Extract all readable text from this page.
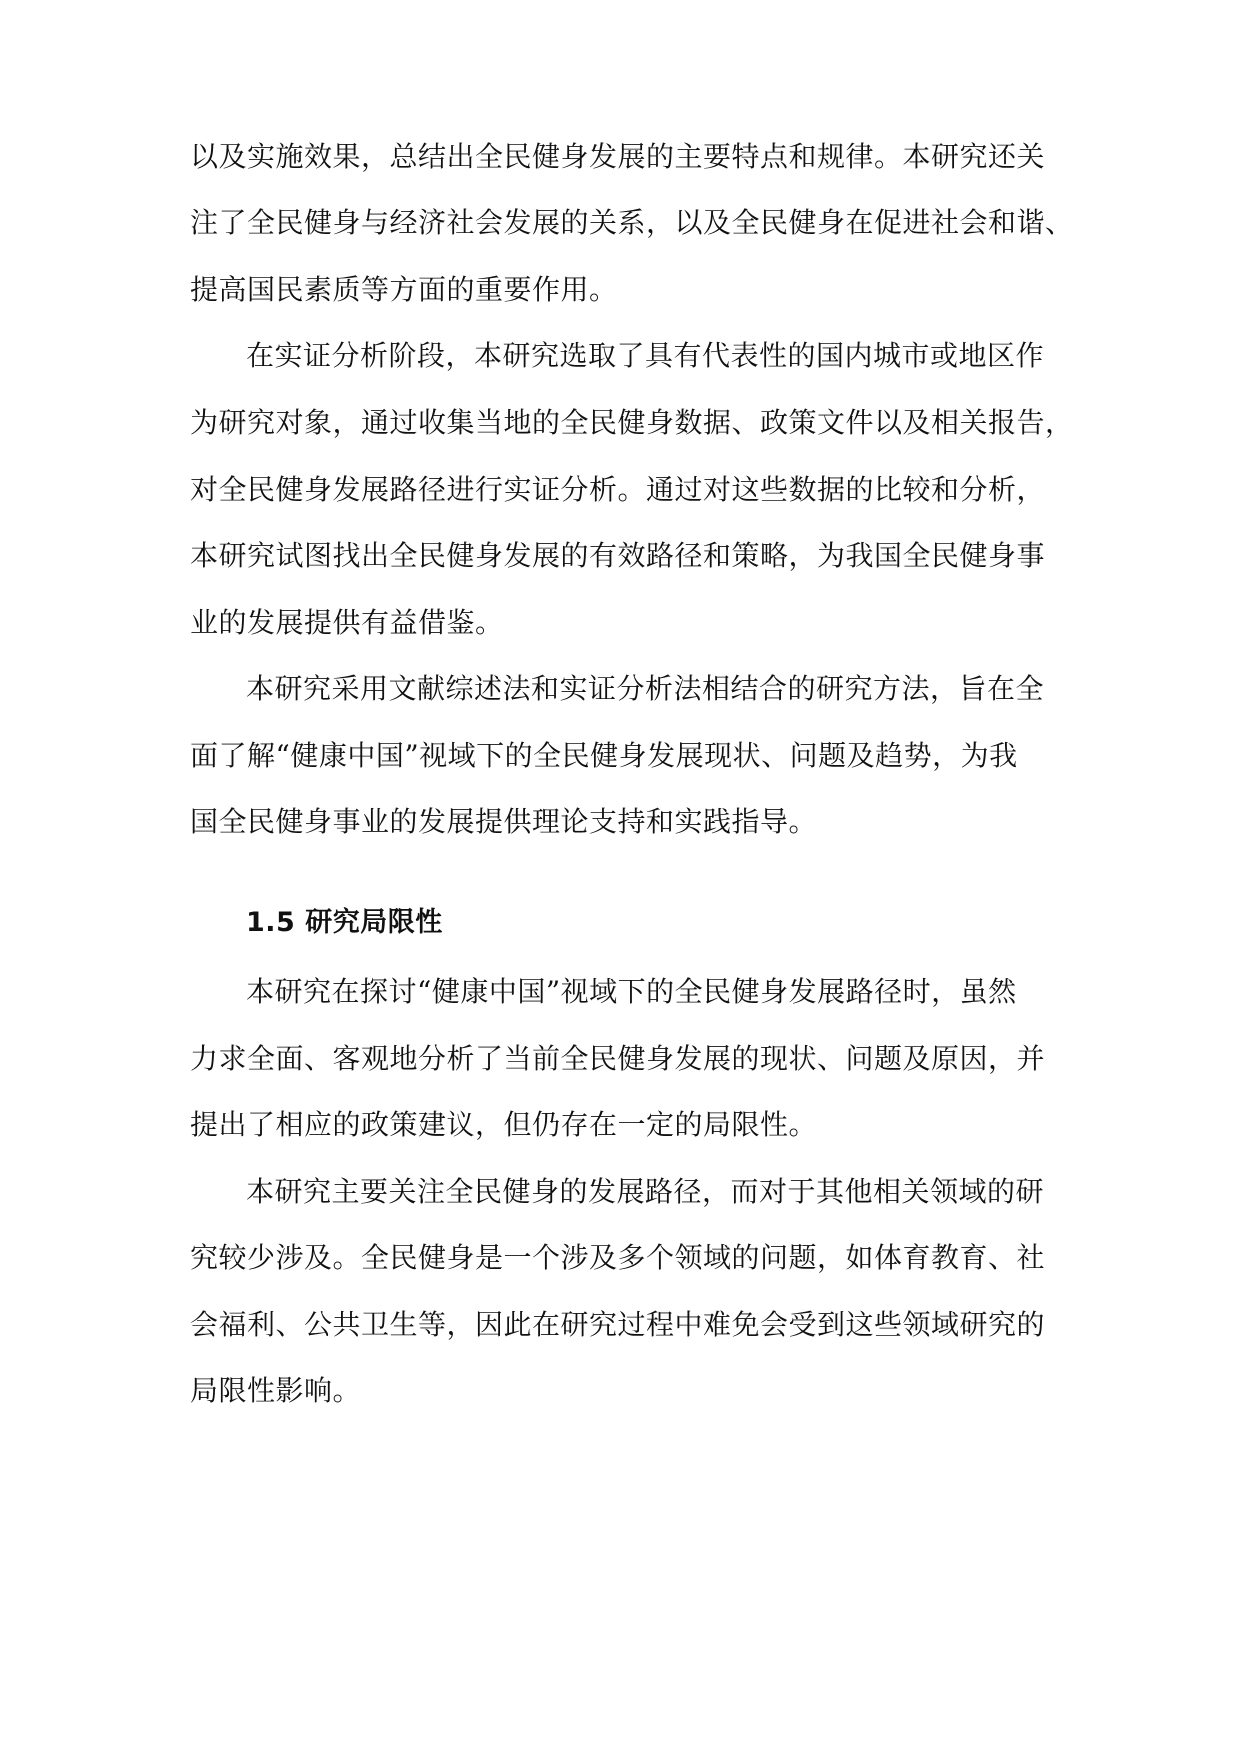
以及实施效果，总结出全民健身发展的主要特点和规律。本研究还关
注了全民健身与经济社会发展的关系，以及全民健身在促进社会和谐、
提高国民素质等方面的重要作用。
在实证分析阶段，本研究选取了具有代表性的国内城市或地区作
为研究对象，通过收集当地的全民健身数据、政策文件以及相关报告，
对全民健身发展路径进行实证分析。通过对这些数据的比较和分析，
本研究试图找出全民健身发展的有效路径和策略，为我国全民健身事
业的发展提供有益借鉴。
本研究采用文献综述法和实证分析法相结合的研究方法，旨在全
面了解“健康中国”视域下的全民健身发展现状、问题及趋势，为我
国全民健身事业的发展提供理论支持和实践指导。
1.5 研究局限性
本研究在探讨“健康中国”视域下的全民健身发展路径时，虽然
力求全面、客观地分析了当前全民健身发展的现状、问题及原因，并
提出了相应的政策建议，但仍存在一定的局限性。
本研究主要关注全民健身的发展路径，而对于其他相关领域的研
究较少涉及。全民健身是一个涉及多个领域的问题，如体育教育、社
会福利、公共卫生等，因此在研究过程中难免会受到这些领域研究的
局限性影响。
